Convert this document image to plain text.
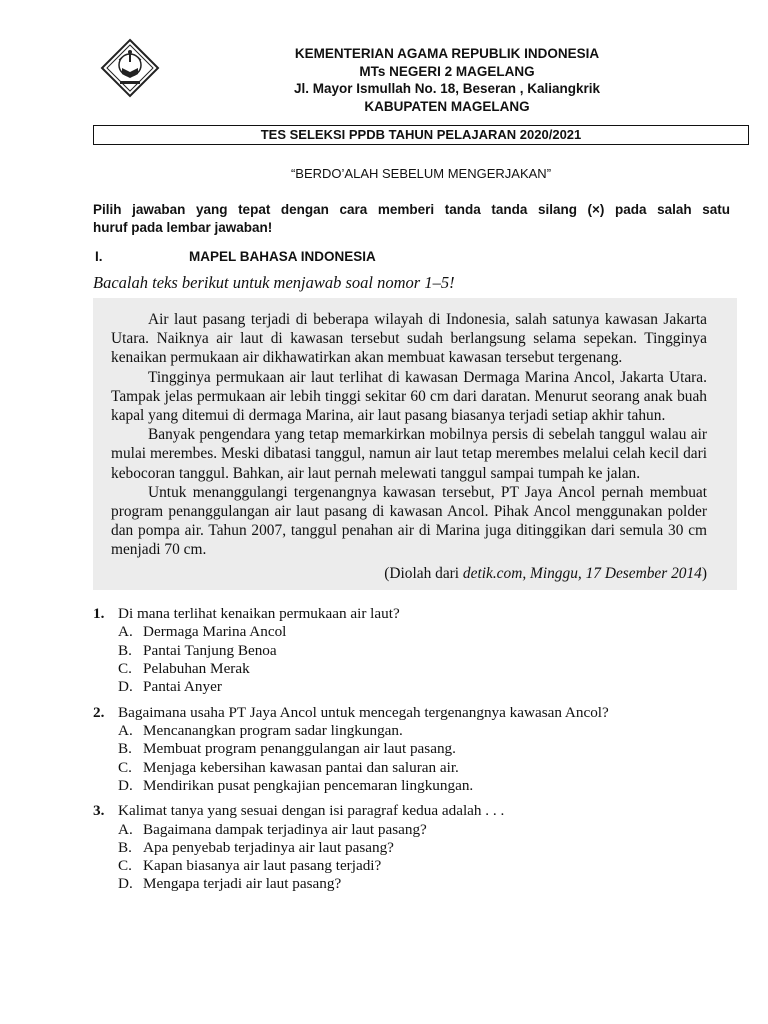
KEMENTERIAN AGAMA REPUBLIK INDONESIA
MTs NEGERI 2 MAGELANG
Jl. Mayor Ismullah No. 18, Beseran , Kaliangkrik
KABUPATEN MAGELANG
TES SELEKSI PPDB TAHUN PELAJARAN 2020/2021
“BERDO’ALAH SEBELUM MENGERJAKAN”
Pilih jawaban yang tepat dengan cara memberi tanda tanda silang (×) pada salah satu
huruf pada lembar jawaban!
I.	MAPEL BAHASA INDONESIA
Bacalah teks berikut untuk menjawab soal nomor 1–5!

Air laut pasang terjadi di beberapa wilayah di Indonesia, salah satunya kawasan Jakarta Utara. Naiknya air laut di kawasan tersebut sudah berlangsung selama sepekan. Tingginya kenaikan permukaan air dikhawatirkan akan membuat kawasan tersebut tergenang.

Tingginya permukaan air laut terlihat di kawasan Dermaga Marina Ancol, Jakarta Utara. Tampak jelas permukaan air lebih tinggi sekitar 60 cm dari daratan. Menurut seorang anak buah kapal yang ditemui di dermaga Marina, air laut pasang biasanya terjadi setiap akhir tahun.

Banyak pengendara yang tetap memarkirkan mobilnya persis di sebelah tanggul walau air mulai merembes. Meski dibatasi tanggul, namun air laut tetap merembes melalui celah kecil dari kebocoran tanggul. Bahkan, air laut pernah melewati tanggul sampai tumpah ke jalan.

Untuk menanggulangi tergenangnya kawasan tersebut, PT Jaya Ancol pernah membuat program penanggulangan air laut pasang di kawasan Ancol. Pihak Ancol menggunakan polder dan pompa air. Tahun 2007, tanggul penahan air di Marina juga ditinggikan dari semula 30 cm menjadi 70 cm.

(Diolah dari detik.com, Minggu, 17 Desember 2014)

1. Di mana terlihat kenaikan permukaan air laut?
A. Dermaga Marina Ancol
B. Pantai Tanjung Benoa
C. Pelabuhan Merak
D. Pantai Anyer
2. Bagaimana usaha PT Jaya Ancol untuk mencegah tergenangnya kawasan Ancol?
A. Mencanangkan program sadar lingkungan.
B. Membuat program penanggulangan air laut pasang.
C. Menjaga kebersihan kawasan pantai dan saluran air.
D. Mendirikan pusat pengkajian pencemaran lingkungan.
3. Kalimat tanya yang sesuai dengan isi paragraf kedua adalah . . .
A. Bagaimana dampak terjadinya air laut pasang?
B. Apa penyebab terjadinya air laut pasang?
C. Kapan biasanya air laut pasang terjadi?
D. Mengapa terjadi air laut pasang?
